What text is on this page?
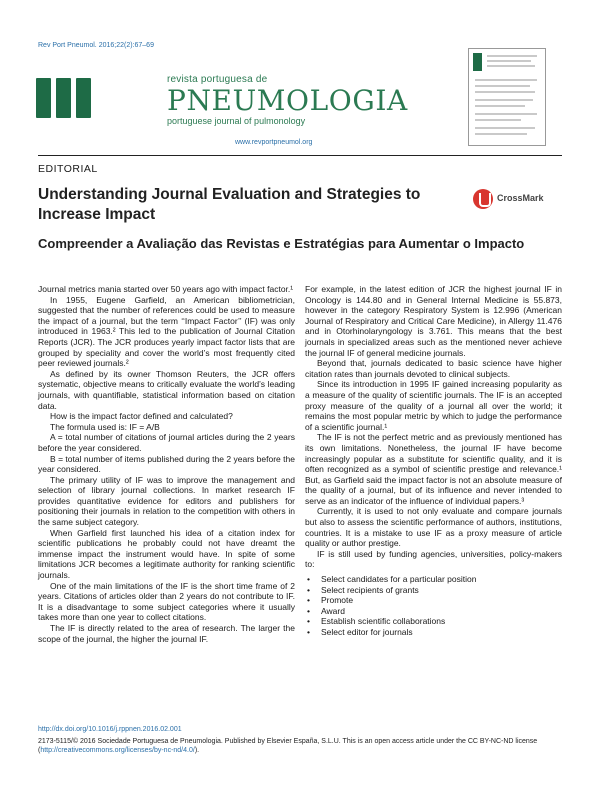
Rev Port Pneumol. 2016;22(2):67–69
revista portuguesa de
PNEUMOLOGIA
portuguese journal of pulmonology
www.revportpneumol.org
EDITORIAL
Understanding Journal Evaluation and Strategies to Increase Impact
Compreender a Avaliação das Revistas e Estratégias para Aumentar o Impacto
CrossMark

Journal metrics mania started over 50 years ago with impact factor.¹

In 1955, Eugene Garfield, an American bibliometrician, suggested that the number of references could be used to measure the impact of a journal, but the term ‘‘Impact Factor’’ (IF) was only introduced in 1963.² This led to the publication of Journal Citation Reports (JCR). The JCR produces yearly impact factor lists that are grouped by speciality and cover the world’s most frequently cited peer reviewed journals.²

As defined by its owner Thomson Reuters, the JCR offers systematic, objective means to critically evaluate the world’s leading journals, with quantifiable, statistical information based on citation data.

How is the impact factor defined and calculated?

The formula used is: IF = A/B

A = total number of citations of journal articles during the 2 years before the year considered.

B = total number of items published during the 2 years before the year considered.

The primary utility of IF was to improve the management and selection of library journal collections. In market research IF provides quantitative evidence for editors and publishers for positioning their journals in relation to the competition with others in the same subject category.

When Garfield first launched his idea of a citation index for scientific publications he probably could not have dreamt the immense impact the instrument would have. In spite of some limitations JCR becomes a legitimate authority for ranking scientific journals.

One of the main limitations of the IF is the short time frame of 2 years. Citations of articles older than 2 years do not contribute to IF. It is a disadvantage to some subject categories where it usually takes more than one year to collect citations.

The IF is directly related to the area of research. The larger the scope of the journal, the higher the journal IF.

For example, in the latest edition of JCR the highest journal IF in Oncology is 144.80 and in General Internal Medicine is 55.873, however in the category Respiratory System is 12.996 (American Journal of Respiratory and Critical Care Medicine), in Allergy 11.476 and in Otorhinolaryngology is 3.761. This means that the best journals in specialized areas such as the mentioned never achieve the journal IF of general medicine journals.

Beyond that, journals dedicated to basic science have higher citation rates than journals devoted to clinical subjects.

Since its introduction in 1995 IF gained increasing popularity as a measure of the quality of scientific journals. The IF is an accepted proxy measure of the quality of a journal all over the world; it remains the most popular metric by which to judge the performance of a scientific journal.¹

The IF is not the perfect metric and as previously mentioned has its own limitations. Nonetheless, the journal IF have become increasingly popular as a substitute for scientific quality, and it is often recognized as a symbol of scientific prestige and relevance.¹ But, as Garfield said the impact factor is not an absolute measure of the quality of a journal, but of its influence and never intended to serve as an indicator of the influence of individual papers.³

Currently, it is used to not only evaluate and compare journals but also to assess the scientific performance of authors, institutions, countries. It is a mistake to use IF as a proxy measure of article quality or author prestige.

IF is still used by funding agencies, universities, policy-makers to:

• Select candidates for a particular position
• Select recipients of grants
• Promote
• Award
• Establish scientific collaborations
• Select editor for journals
http://dx.doi.org/10.1016/j.rppnen.2016.02.001
2173-5115/© 2016 Sociedade Portuguesa de Pneumologia. Published by Elsevier España, S.L.U. This is an open access article under the CC BY-NC-ND license (http://creativecommons.org/licenses/by-nc-nd/4.0/).
